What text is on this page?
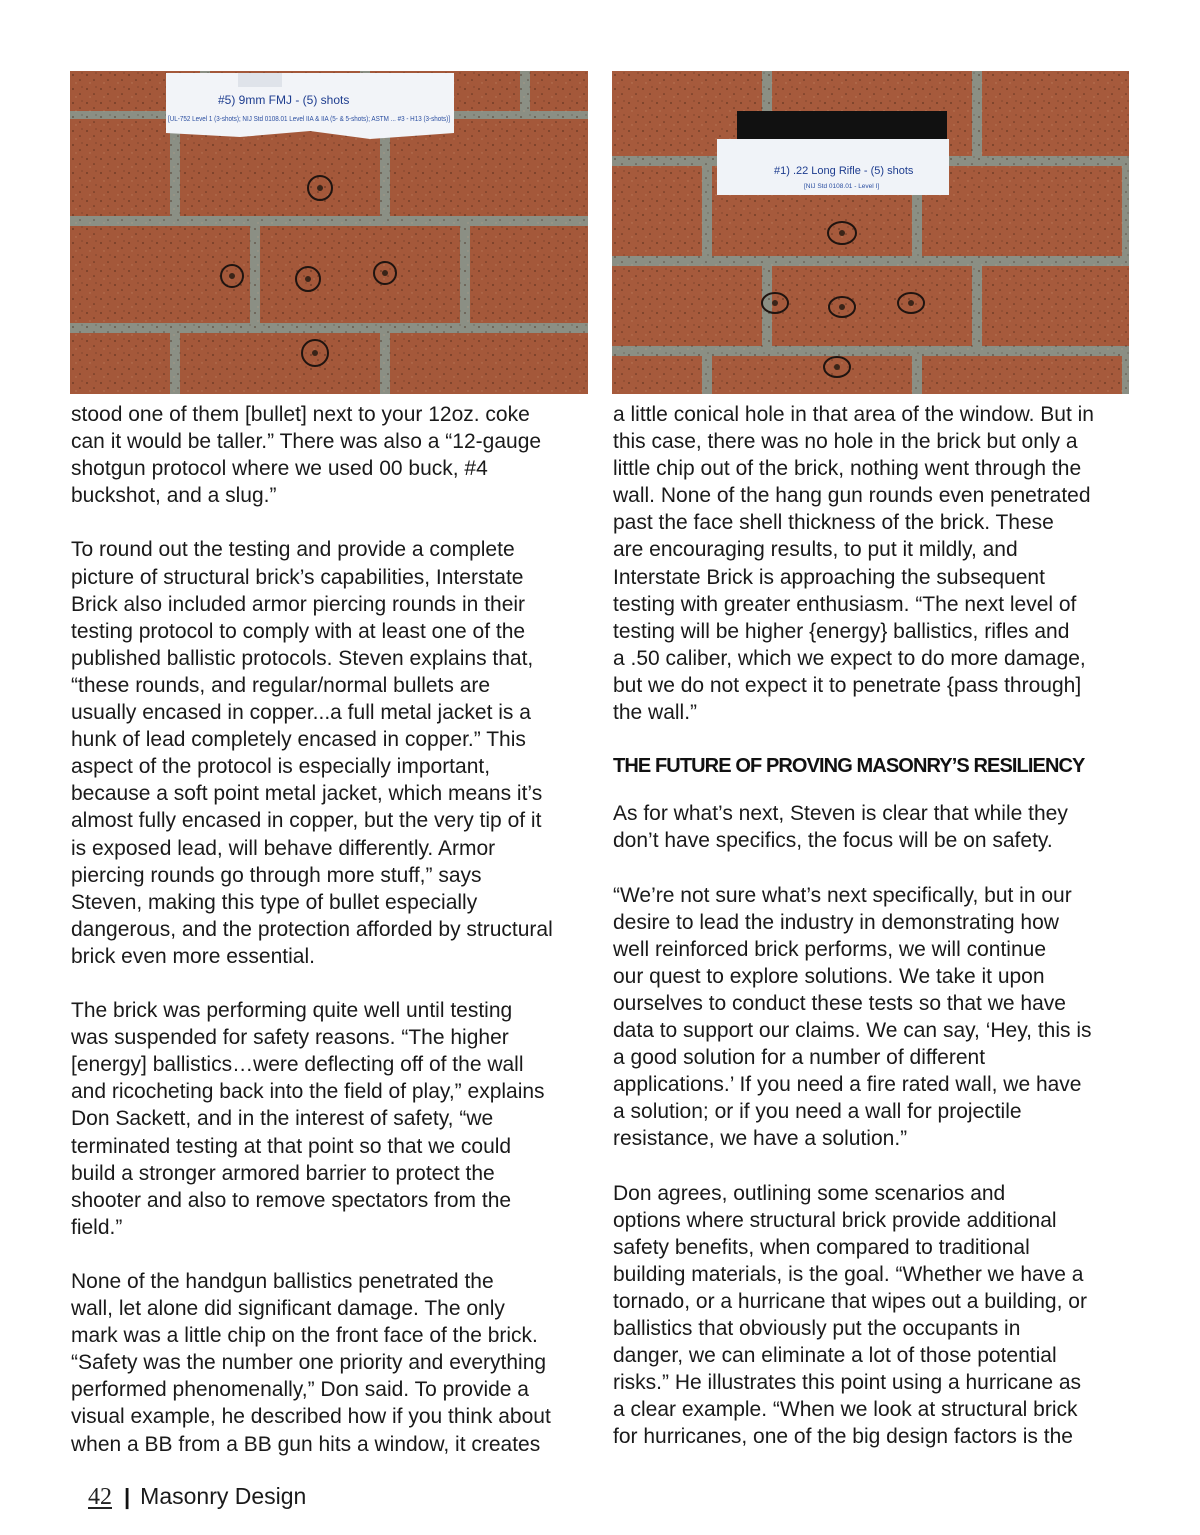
#5) 9mm FMJ - (5) shots
[UL-752 Level 1 (3-shots); NIJ Std 0108.01 Level IIA & IIA (5- & 5-shots); ASTM ... #3 - H13 (3-shots)]
#1) .22 Long Rifle - (5) shots
[NIJ Std 0108.01 - Level I]

stood one of them [bullet] next to your 12oz. coke
can it would be taller.” There was also a “12-gauge
shotgun protocol where we used 00 buck, #4
buckshot, and a slug.”

To round out the testing and provide a complete
picture of structural brick’s capabilities, Interstate
Brick also included armor piercing rounds in their
testing protocol to comply with at least one of the
published ballistic protocols. Steven explains that,
“these rounds, and regular/normal bullets are
usually encased in copper...a full metal jacket is a
hunk of lead completely encased in copper.” This
aspect of the protocol is especially important,
because a soft point metal jacket, which means it’s
almost fully encased in copper, but the very tip of it
is exposed lead, will behave differently. Armor
piercing rounds go through more stuff,” says
Steven, making this type of bullet especially
dangerous, and the protection afforded by structural
brick even more essential.

The brick was performing quite well until testing
was suspended for safety reasons. “The higher
[energy] ballistics…were deflecting off of the wall
and ricocheting back into the field of play,” explains
Don Sackett, and in the interest of safety, “we
terminated testing at that point so that we could
build a stronger armored barrier to protect the
shooter and also to remove spectators from the
field.”

None of the handgun ballistics penetrated the
wall, let alone did significant damage. The only
mark was a little chip on the front face of the brick.
“Safety was the number one priority and everything
performed phenomenally,” Don said. To provide a
visual example, he described how if you think about
when a BB from a BB gun hits a window, it creates

a little conical hole in that area of the window. But in
this case, there was no hole in the brick but only a
little chip out of the brick, nothing went through the
wall. None of the hang gun rounds even penetrated
past the face shell thickness of the brick. These
are encouraging results, to put it mildly, and
Interstate Brick is approaching the subsequent
testing with greater enthusiasm. “The next level of
testing will be higher {energy} ballistics, rifles and
a .50 caliber, which we expect to do more damage,
but we do not expect it to penetrate {pass through]
the wall.”

THE FUTURE OF PROVING MASONRY’S RESILIENCY

As for what’s next, Steven is clear that while they
don’t have specifics, the focus will be on safety.

“We’re not sure what’s next specifically, but in our
desire to lead the industry in demonstrating how
well reinforced brick performs, we will continue
our quest to explore solutions. We take it upon
ourselves to conduct these tests so that we have
data to support our claims. We can say, ‘Hey, this is
a good solution for a number of different
applications.’ If you need a fire rated wall, we have
a solution; or if you need a wall for projectile
resistance, we have a solution.”

Don agrees, outlining some scenarios and
options where structural brick provide additional
safety benefits, when compared to traditional
building materials, is the goal. “Whether we have a
tornado, or a hurricane that wipes out a building, or
ballistics that obviously put the occupants in
danger, we can eliminate a lot of those potential
risks.” He illustrates this point using a hurricane as
a clear example. “When we look at structural brick
for hurricanes, one of the big design factors is the

42 | Masonry Design
